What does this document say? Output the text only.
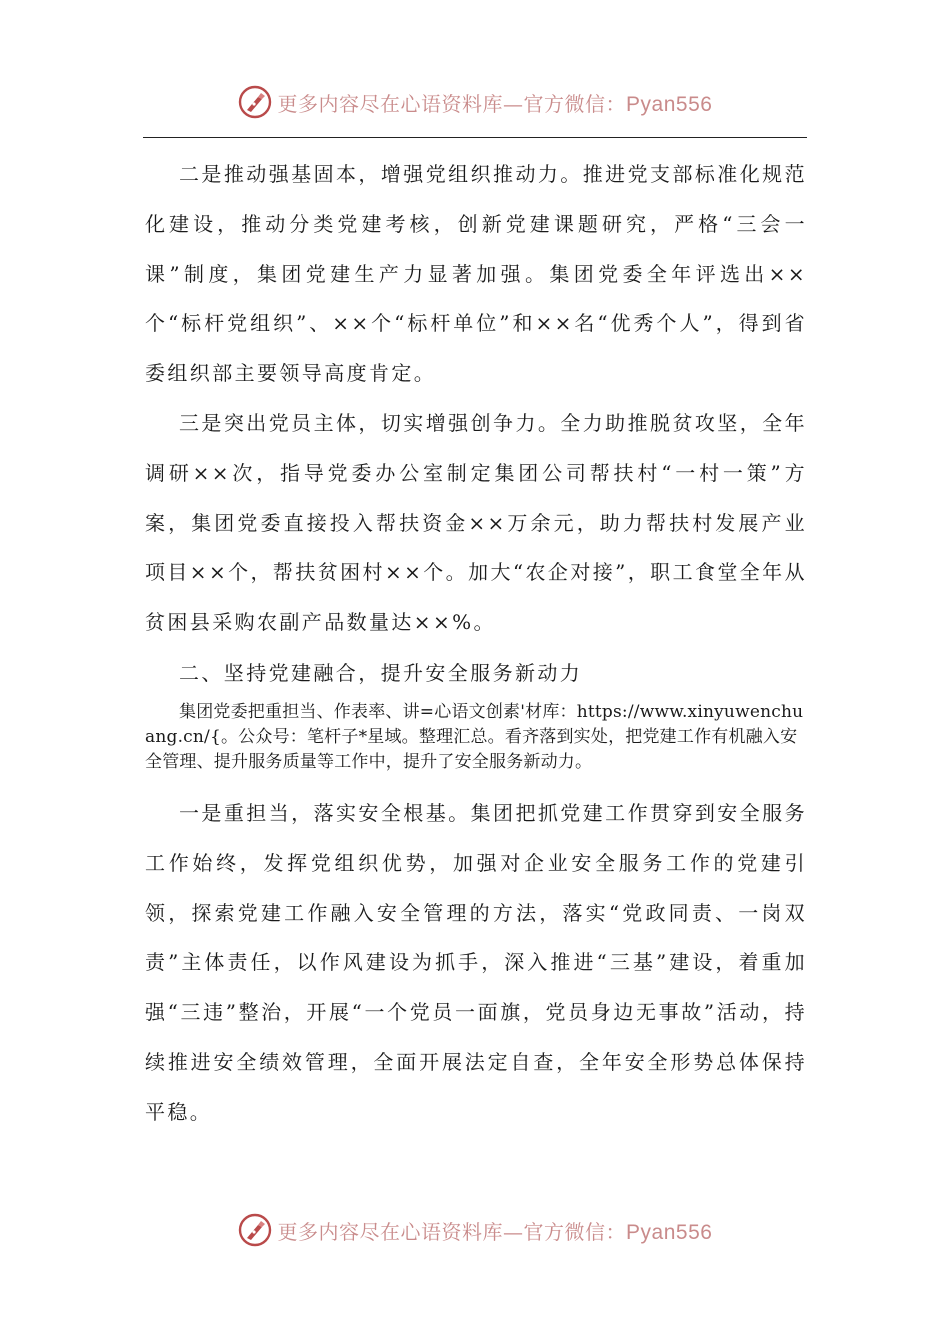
更多内容尽在心语资料库—官方微信：Pyan556

二是推动强基固本，增强党组织推动力。推进党支部标准化规范化建设，推动分类党建考核，创新党建课题研究，严格“三会一课”制度，集团党建生产力显著加强。集团党委全年评选出××个“标杆党组织”、××个“标杆单位”和××名“优秀个人”，得到省委组织部主要领导高度肯定。

三是突出党员主体，切实增强创争力。全力助推脱贫攻坚，全年调研××次，指导党委办公室制定集团公司帮扶村“一村一策”方案，集团党委直接投入帮扶资金××万余元，助力帮扶村发展产业项目××个，帮扶贫困村××个。加大“农企对接”，职工食堂全年从贫困县采购农副产品数量达××%。

二、坚持党建融合，提升安全服务新动力

集团党委把重担当、作表率、讲=心语文创素'材库：https://www.xinyuwenchuang.cn/{。公众号：笔杆子*星域。整理汇总。看齐落到实处，把党建工作有机融入安全管理、提升服务质量等工作中，提升了安全服务新动力。

一是重担当，落实安全根基。集团把抓党建工作贯穿到安全服务工作始终，发挥党组织优势，加强对企业安全服务工作的党建引领，探索党建工作融入安全管理的方法，落实“党政同责、一岗双责”主体责任，以作风建设为抓手，深入推进“三基”建设，着重加强“三违”整治，开展“一个党员一面旗，党员身边无事故”活动，持续推进安全绩效管理，全面开展法定自查，全年安全形势总体保持平稳。

更多内容尽在心语资料库—官方微信：Pyan556
